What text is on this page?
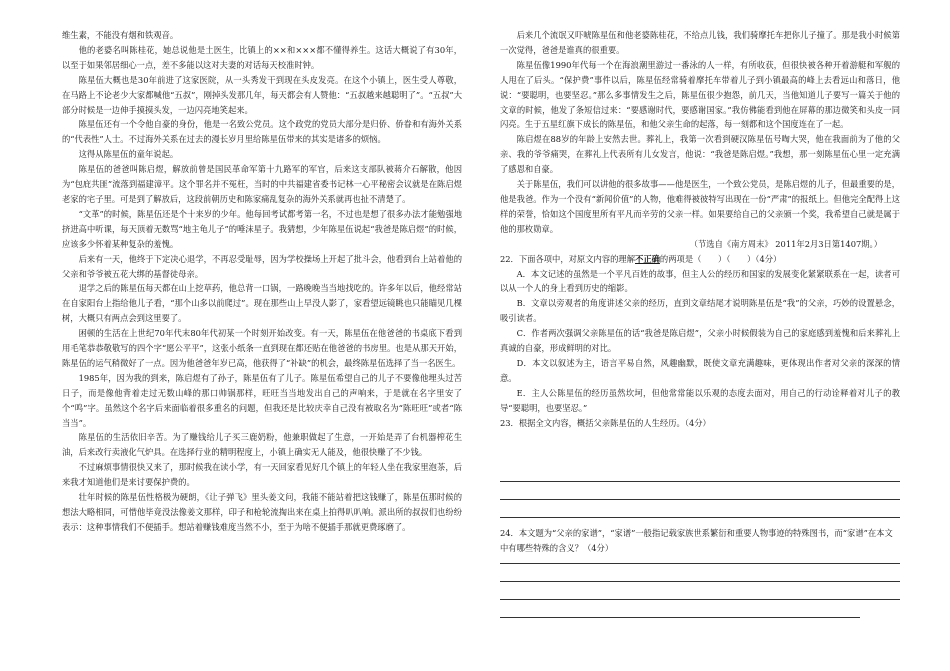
维生素，不能没有烟和铁观音。

他的老婆名叫陈桂花，她总说他是土医生，比镇上的××和×××都不懂得养生。这话大概说了有30年，以至于如果邻居细心一点，差不多能以这对夫妻的对话每天校准时钟。

陈星伍大概也是30年前进了这家医院，从一头秀发干到现在头皮发亮。在这个小镇上，医生受人尊敬，在马路上不论老少大家都喊他“五叔”，刚掉头发那几年，每天都会有人赞他：“五叔越来越聪明了”。“五叔”大部分时候是一边伸手摸摸头发，一边闪亮地笑起来。

陈星伍还有一个令他自豪的身份，他是一名致公党员。这个政党的党员大部分是归侨、侨眷和有海外关系的“代表性”人士。不过海外关系在过去的漫长岁月里给陈星伍带来的其实是诸多的烦恼。

这得从陈星伍的童年说起。

陈星伍的爸爸叫陈启煜，解放前曾是国民革命军第十九路军的军官，后来这支部队被蒋介石解散，他因为“包庇共匪”流落到福建漳平。这个罪名并不冤枉，当时的中共福建省委书记林一心平秘密会议就是在陈启煜老家的宅子里。可是到了解放后，这段前朝历史和陈家痛乱复杂的海外关系就再也扯不清楚了。

“文革”的时候，陈星伍还是个十来岁的少年。他每回考试都考第一名，不过也是想了很多办法才能勉强地挤进高中听课，每天顶着无数骂“地主龟儿子”的唾沫星子。我猜想，少年陈星伍说起“我爸是陈启煜”的时候，应该多少怀着某种复杂的羞愧。

后来有一天，他终于下定决心退学，不再忍受耻辱，因为学校操场上开起了批斗会，他看到台上站着他的父亲和爷爷被五花大绑的基督徒母亲。

退学之后的陈星伍每天都在山上挖草药，他总背一口锅，一路晚晚当当地找吃的。许多年以后，他经常站在自家阳台上指给他儿子看，“那个山多以前爬过”。现在那些山上早没人影了，家看望远镜眺也只能瞄见几棵树，大概只有两点会到这里要了。

困顿的生活在上世纪70年代末80年代初某一个时刻开始改变。有一天，陈星伍在他爸爸的书桌底下看到用毛笔恭恭敬敬写的四个字“愿公平平”，这张小纸条一直到现在都还贴在他爸爸的书房里。也是从那天开始，陈星伍的运气稍微好了一点。因为他爸爸年岁已高，他获得了“补缺”的机会，最终陈星伍选择了当一名医生。

1985年，因为我的到来，陈启煜有了孙子，陈星伍有了儿子。陈星伍希望自己的儿子不要像他埋头过苦日子，而是像他背着走过无数山峰的那口帅锅那样，旺旺当当地发出自己的声响来，于是就在名字里安了个“鸣”字。虽然这个名字后来面临着很多重名的问题，但我还是比较庆幸自己没有被取名为“陈旺旺”或者“陈当当”。

陈星伍的生活依旧辛苦。为了赚钱给儿子买三鹿奶粉，他兼职做起了生意，一开始是弄了台机器榨花生油，后来改行卖液化气炉具。在选择行业的精明程度上，小镇上确实无人能及，他很快赚了不少钱。

不过麻烦事情很快又来了，那时候我在读小学，有一天回家看见好几个镇上的年轻人坐在我家里泡茶，后来我才知道他们是来讨要保护费的。

壮年时候的陈星伍性格极为硬朗，《让子弹飞》里头姜文问，我能不能站着把这钱赚了，陈星伍那时候的想法大略相同，可惜他毕竟没法像姜文那样，印子和枪轮流掏出来在桌上拍得叭叭响。派出所的叔叔们也纷纷表示：这种事情我们不便插手。想站着赚钱难度当然不小，至于为啥不便插手那就更费琢磨了。

后来几个流氓又吓唬陈星伍和他老婆陈桂花，不给点儿钱，我们骑摩托车把你儿子撞了。那是我小时候第一次觉得，爸爸是谁真的很重要。

陈星伍像1990年代每一个在海浪潮里游过一番泳的人一样，有所收获，但很快被各种开着游艇和军舰的人甩在了后头。“保护费”事件以后，陈星伍经常骑着摩托车带着儿子到小镇最高的峰上去看远山和落日，他说：“要聪明，也要坚忍。”那么多事情发生之后，陈星伍很少抱怨，前几天，当他知道儿子要写一篇关于他的文章的时候，他发了条短信过来：“要感谢时代，要感谢国家。”我仿佛能看到他在屏幕的那边微笑和头皮一同闪亮。生于五星红旗下成长的陈星伍，和他父亲生命的起落，每一刻都和这个国度连在了一起。

陈启煜在88岁的年龄上安然去世。葬礼上，我第一次看到硬汉陈星伍号啕大哭，他在我面前为了他的父亲、我的爷爷痛哭，在葬礼上代表所有儿女发言，他说：“我爸是陈启煜。”我想，那一刻陈星伍心里一定充满了感恩和自豪。

关于陈星伍，我们可以讲他的很多故事——他是医生，一个致公党员，是陈启煜的儿子，但最重要的是，他是我爸。作为一个没有“新闻价值”的人物，他难得被彼特写出现在一份“严肃”的报纸上。但他完全配得上这样的荣誉，恰如这个国度里所有平凡而辛劳的父亲一样。如果要给自己的父亲颁一个奖，我希望自己就是属于他的那枚勋章。

（节选自《南方周末》 2011年2月3日第1407期。）

22．下面各项中，对原文内容的理解不正确的两项是（　　）（　　）（4分）

A．本文记述的虽然是一个平凡百姓的故事，但主人公的经历和国家的发展变化紧紧联系在一起，读者可以从一个人的身上看到历史的缩影。

B．文章以旁观者的角度讲述父亲的经历，直到文章结尾才说明陈星伍是“我”的父亲，巧妙的设置悬念，吸引读者。

C．作者两次强调父亲陈星伍的话“我爸是陈启煜”，父亲小时候假装为自己的家庭感到羞愧和后来葬礼上真诚的自豪，形成鲜明的对比。

D．本文以叙述为主，语言平易自然，风趣幽默，既使文章充满趣味，更体现出作者对父亲的深深的情意。

E．主人公陈星伍的经历虽然坎坷，但他常常能以乐观的态度去面对，用自己的行动诠释着对儿子的教导“要聪明，也要坚忍。”

23．根据全文内容，概括父亲陈星伍的人生经历。（4分）

24．本文题为“父亲的家谱”，“家谱”一般指记载家族世系繁衍和重要人物事迹的特殊图书，而“家谱”在本文中有哪些特殊的含义？（4分）
